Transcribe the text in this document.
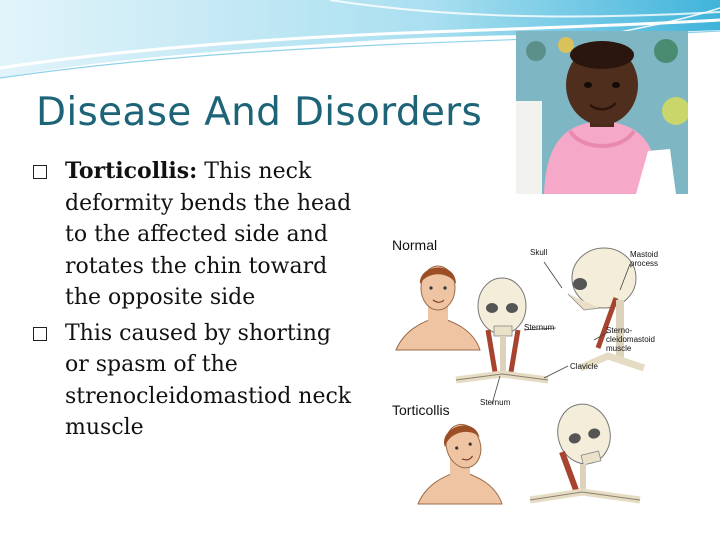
Disease And Disorders
Torticollis: This neck deformity bends the head to the affected side and rotates the chin toward the opposite side
This caused by shorting or spasm of the strenocleidomastiod neck muscle
Normal
Torticollis
Skull	Mastoid process
Sternum	Sterno-cleidomastoid muscle
Clavicle
Sternum
